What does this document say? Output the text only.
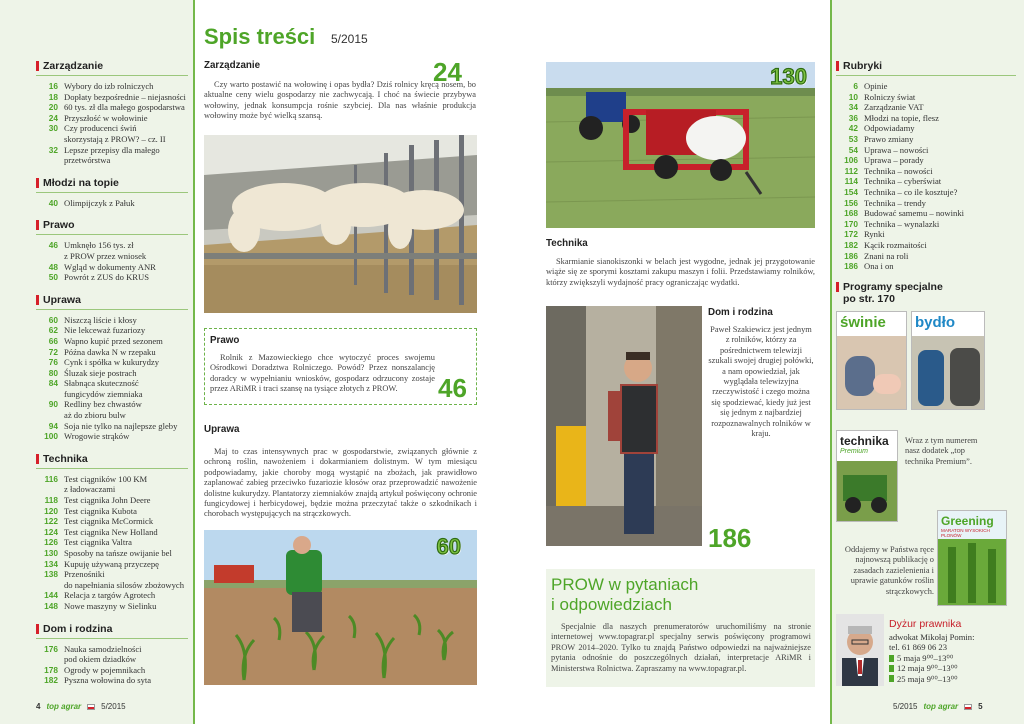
Zarządzanie
16 Wybory do izb rolniczych
18 Dopłaty bezpośrednie – niejasności
20 60 tys. zł dla małego gospodarstwa
24 Przyszłość w wołowinie
30 Czy producenci świń
skorzystają z PROW? – cz. II
32 Lepsze przepisy dla małego
przetwórstwa
Młodzi na topie
40 Olimpijczyk z Pałuk
Prawo
46 Umknęło 156 tys. zł
z PROW przez wniosek
48 Wgląd w dokumenty ANR
50 Powrót z ZUS do KRUS
Uprawa
60 Niszczą liście i kłosy
62 Nie lekceważ fuzariozy
66 Wapno kupić przed sezonem
72 Późna dawka N w rzepaku
76 Cynk i spółka w kukurydzy
80 Śluzak sieje postrach
84 Słabnąca skuteczność
fungicydów ziemniaka
90 Redliny bez chwastów
aż do zbioru bulw
94 Soja nie tylko na najlepsze gleby
100 Wrogowie strąków
Technika
116 Test ciągników 100 KM
z ładowaczami
118 Test ciągnika John Deere
120 Test ciągnika Kubota
122 Test ciągnika McCormick
124 Test ciągnika New Holland
126 Test ciągnika Valtra
130 Sposoby na tańsze owijanie bel
134 Kupuję używaną przyczepę
138 Przenośniki
do napełniania silosów zbożowych
144 Relacja z targów Agrotech
148 Nowe maszyny w Sielinku
Dom i rodzina
176 Nauka samodzielności
pod okiem dziadków
178 Ogrody w pojemnikach
182 Pyszna wołowina do syta
Spis treści 5/2015
Zarządzanie	24
Czy warto postawić na wołowinę i opas bydła? Dziś rolnicy kręcą nosem, bo aktualne ceny wielu gospodarzy nie zachwycają. I choć na świecie przybywa wołowiny, jednak konsumpcja rośnie szybciej. Dla nas właśnie produkcja wołowiny może być wielką szansą.
Prawo
Rolnik z Mazowieckiego chce wytoczyć proces swojemu Ośrodkowi Doradztwa Rolniczego. Powód? Przez nonszalancję doradcy w wypełnianiu wniosków, gospodarz odrzucony zostaje przez ARiMR i traci szansę na tysiące złotych z PROW.	46
Uprawa
Maj to czas intensywnych prac w gospodarstwie, związanych głównie z ochroną roślin, nawożeniem i dokarmianiem dolistnym. W tym miesiącu podpowiadamy, jakie choroby mogą wystąpić na zbożach, jak prawidłowo zaplanować zabieg przeciwko fuzariozie kłosów oraz przeprowadzić nawożenie dolistne kukurydzy. Plantatorzy ziemniaków znajdą artykuł poświęcony ochronie fungicydowej i herbicydowej, będzie można przeczytać także o szkodnikach i chorobach występujących na strączkowych.
60
130
Technika
Skarmianie sianokiszonki w belach jest wygodne, jednak jej przygotowanie wiąże się ze sporymi kosztami zakupu maszyn i folii. Przedstawiamy rolników, którzy zwiększyli wydajność pracy ograniczając wydatki.
Dom i rodzina
Paweł Szakiewicz jest jednym z rolników, którzy za pośrednictwem telewizji szukali swojej drugiej połówki, a nam opowiedział, jak wyglądała telewizyjna rzeczywistość i czego można się spodziewać, kiedy już jest się jednym z najbardziej rozpoznawalnych rolników w kraju.
186
PROW w pytaniach
i odpowiedziach
Specjalnie dla naszych prenumeratorów uruchomiliśmy na stronie internetowej www.topagrar.pl specjalny serwis poświęcony programowi PROW 2014–2020. Tylko tu znajdą Państwo odpowiedzi na najważniejsze pytania odnośnie do poszczególnych działań, interpretacje ARiMR i Ministerstwa Rolnictwa. Zapraszamy na www.topagrar.pl.
Rubryki
6 Opinie
10 Rolniczy świat
34 Zarządzanie VAT
36 Młodzi na topie, flesz
42 Odpowiadamy
53 Prawo zmiany
54 Uprawa – nowości
106 Uprawa – porady
112 Technika – nowości
114 Technika – cyberświat
154 Technika – co ile kosztuje?
156 Technika – trendy
168 Budować samemu – nowinki
170 Technika – wynalazki
172 Rynki
182 Kącik rozmaitości
186 Znani na roli
186 Ona i on
Programy specjalne
po str. 170
świnie	bydło
technika
Premium
Wraz z tym numerem nasz dodatek „top technika Premium”.
Greening
MARATON WYSOKICH PLONÓW
Oddajemy w Państwa ręce najnowszą publikację o zasadach zazielenienia i uprawie gatunków roślin strączkowych.
Dyżur prawnika
adwokat Mikołaj Pomin:
tel. 61 869 06 23
5 maja 9⁰⁰–13⁰⁰
12 maja 9⁰⁰–13⁰⁰
25 maja 9⁰⁰–13⁰⁰
4 top agrar	5/2015	5/2015 top agrar	5
